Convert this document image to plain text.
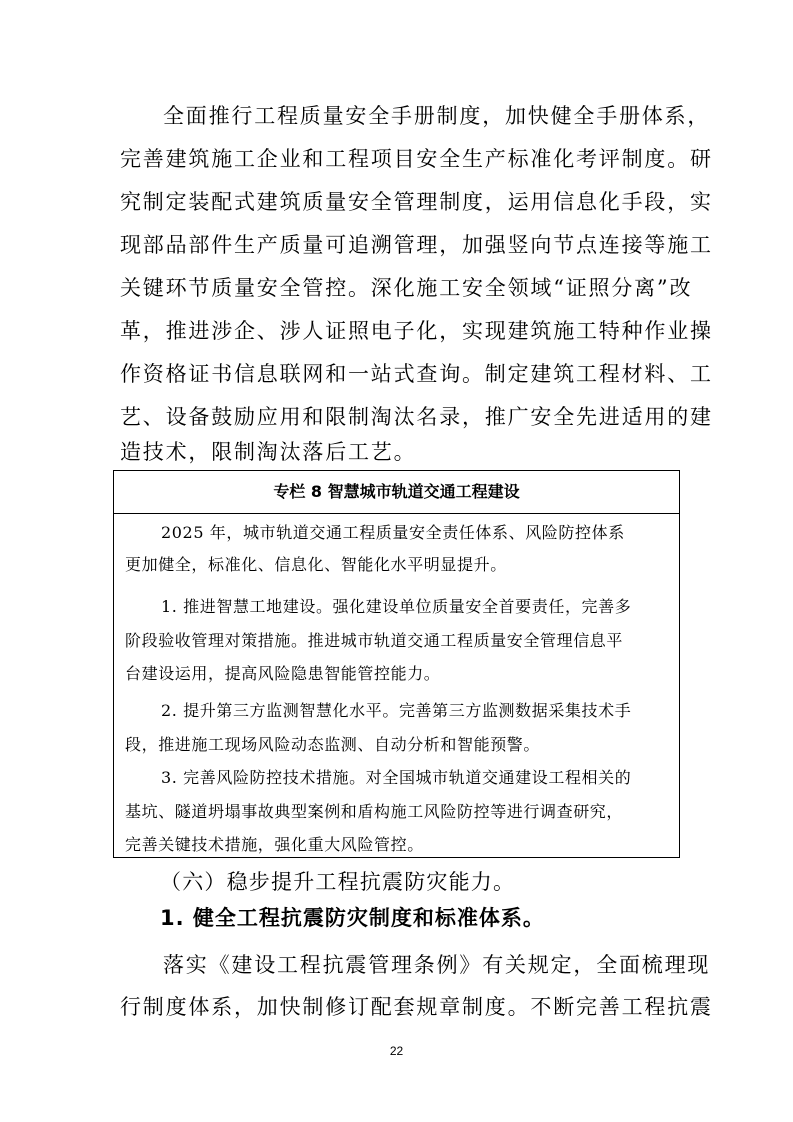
全面推行工程质量安全手册制度，加快健全手册体系，

完善建筑施工企业和工程项目安全生产标准化考评制度。研

究制定装配式建筑质量安全管理制度，运用信息化手段，实

现部品部件生产质量可追溯管理，加强竖向节点连接等施工

关键环节质量安全管控。深化施工安全领域“证照分离”改

革，推进涉企、涉人证照电子化，实现建筑施工特种作业操

作资格证书信息联网和一站式查询。制定建筑工程材料、工

艺、设备鼓励应用和限制淘汰名录，推广安全先进适用的建

造技术，限制淘汰落后工艺。

专栏 8 智慧城市轨道交通工程建设

2025 年，城市轨道交通工程质量安全责任体系、风险防控体系

更加健全，标准化、信息化、智能化水平明显提升。

1. 推进智慧工地建设。强化建设单位质量安全首要责任，完善多

阶段验收管理对策措施。推进城市轨道交通工程质量安全管理信息平

台建设运用，提高风险隐患智能管控能力。

2. 提升第三方监测智慧化水平。完善第三方监测数据采集技术手

段，推进施工现场风险动态监测、自动分析和智能预警。

3. 完善风险防控技术措施。对全国城市轨道交通建设工程相关的

基坑、隧道坍塌事故典型案例和盾构施工风险防控等进行调查研究，

完善关键技术措施，强化重大风险管控。

（六）稳步提升工程抗震防灾能力。

1. 健全工程抗震防灾制度和标准体系。

落实《建设工程抗震管理条例》有关规定，全面梳理现

行制度体系，加快制修订配套规章制度。不断完善工程抗震

22
